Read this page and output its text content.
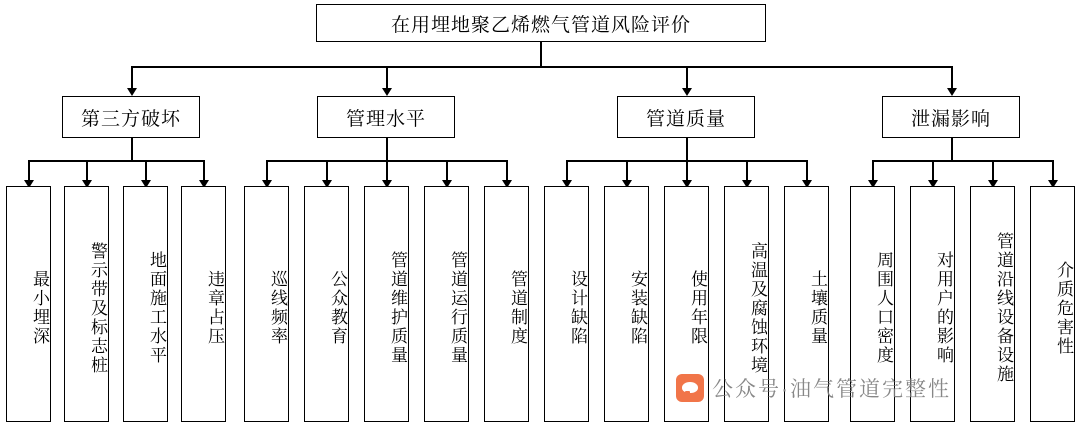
在用埋地聚乙烯燃气管道风险评价
第三方破坏	管理水平	管道质量	泄漏影响
最小埋深 警示带及标志桩 地面施工水平 违章占压	巡线频率 公众教育 管道维护质量 管道运行质量 管道制度 设计缺陷 安装缺陷 使用年限 高温及腐蚀环境 土壤质量	周围人口密度 对用户的影响 管道沿线设备设施 介质危害性
公众号·油气管道完整性
